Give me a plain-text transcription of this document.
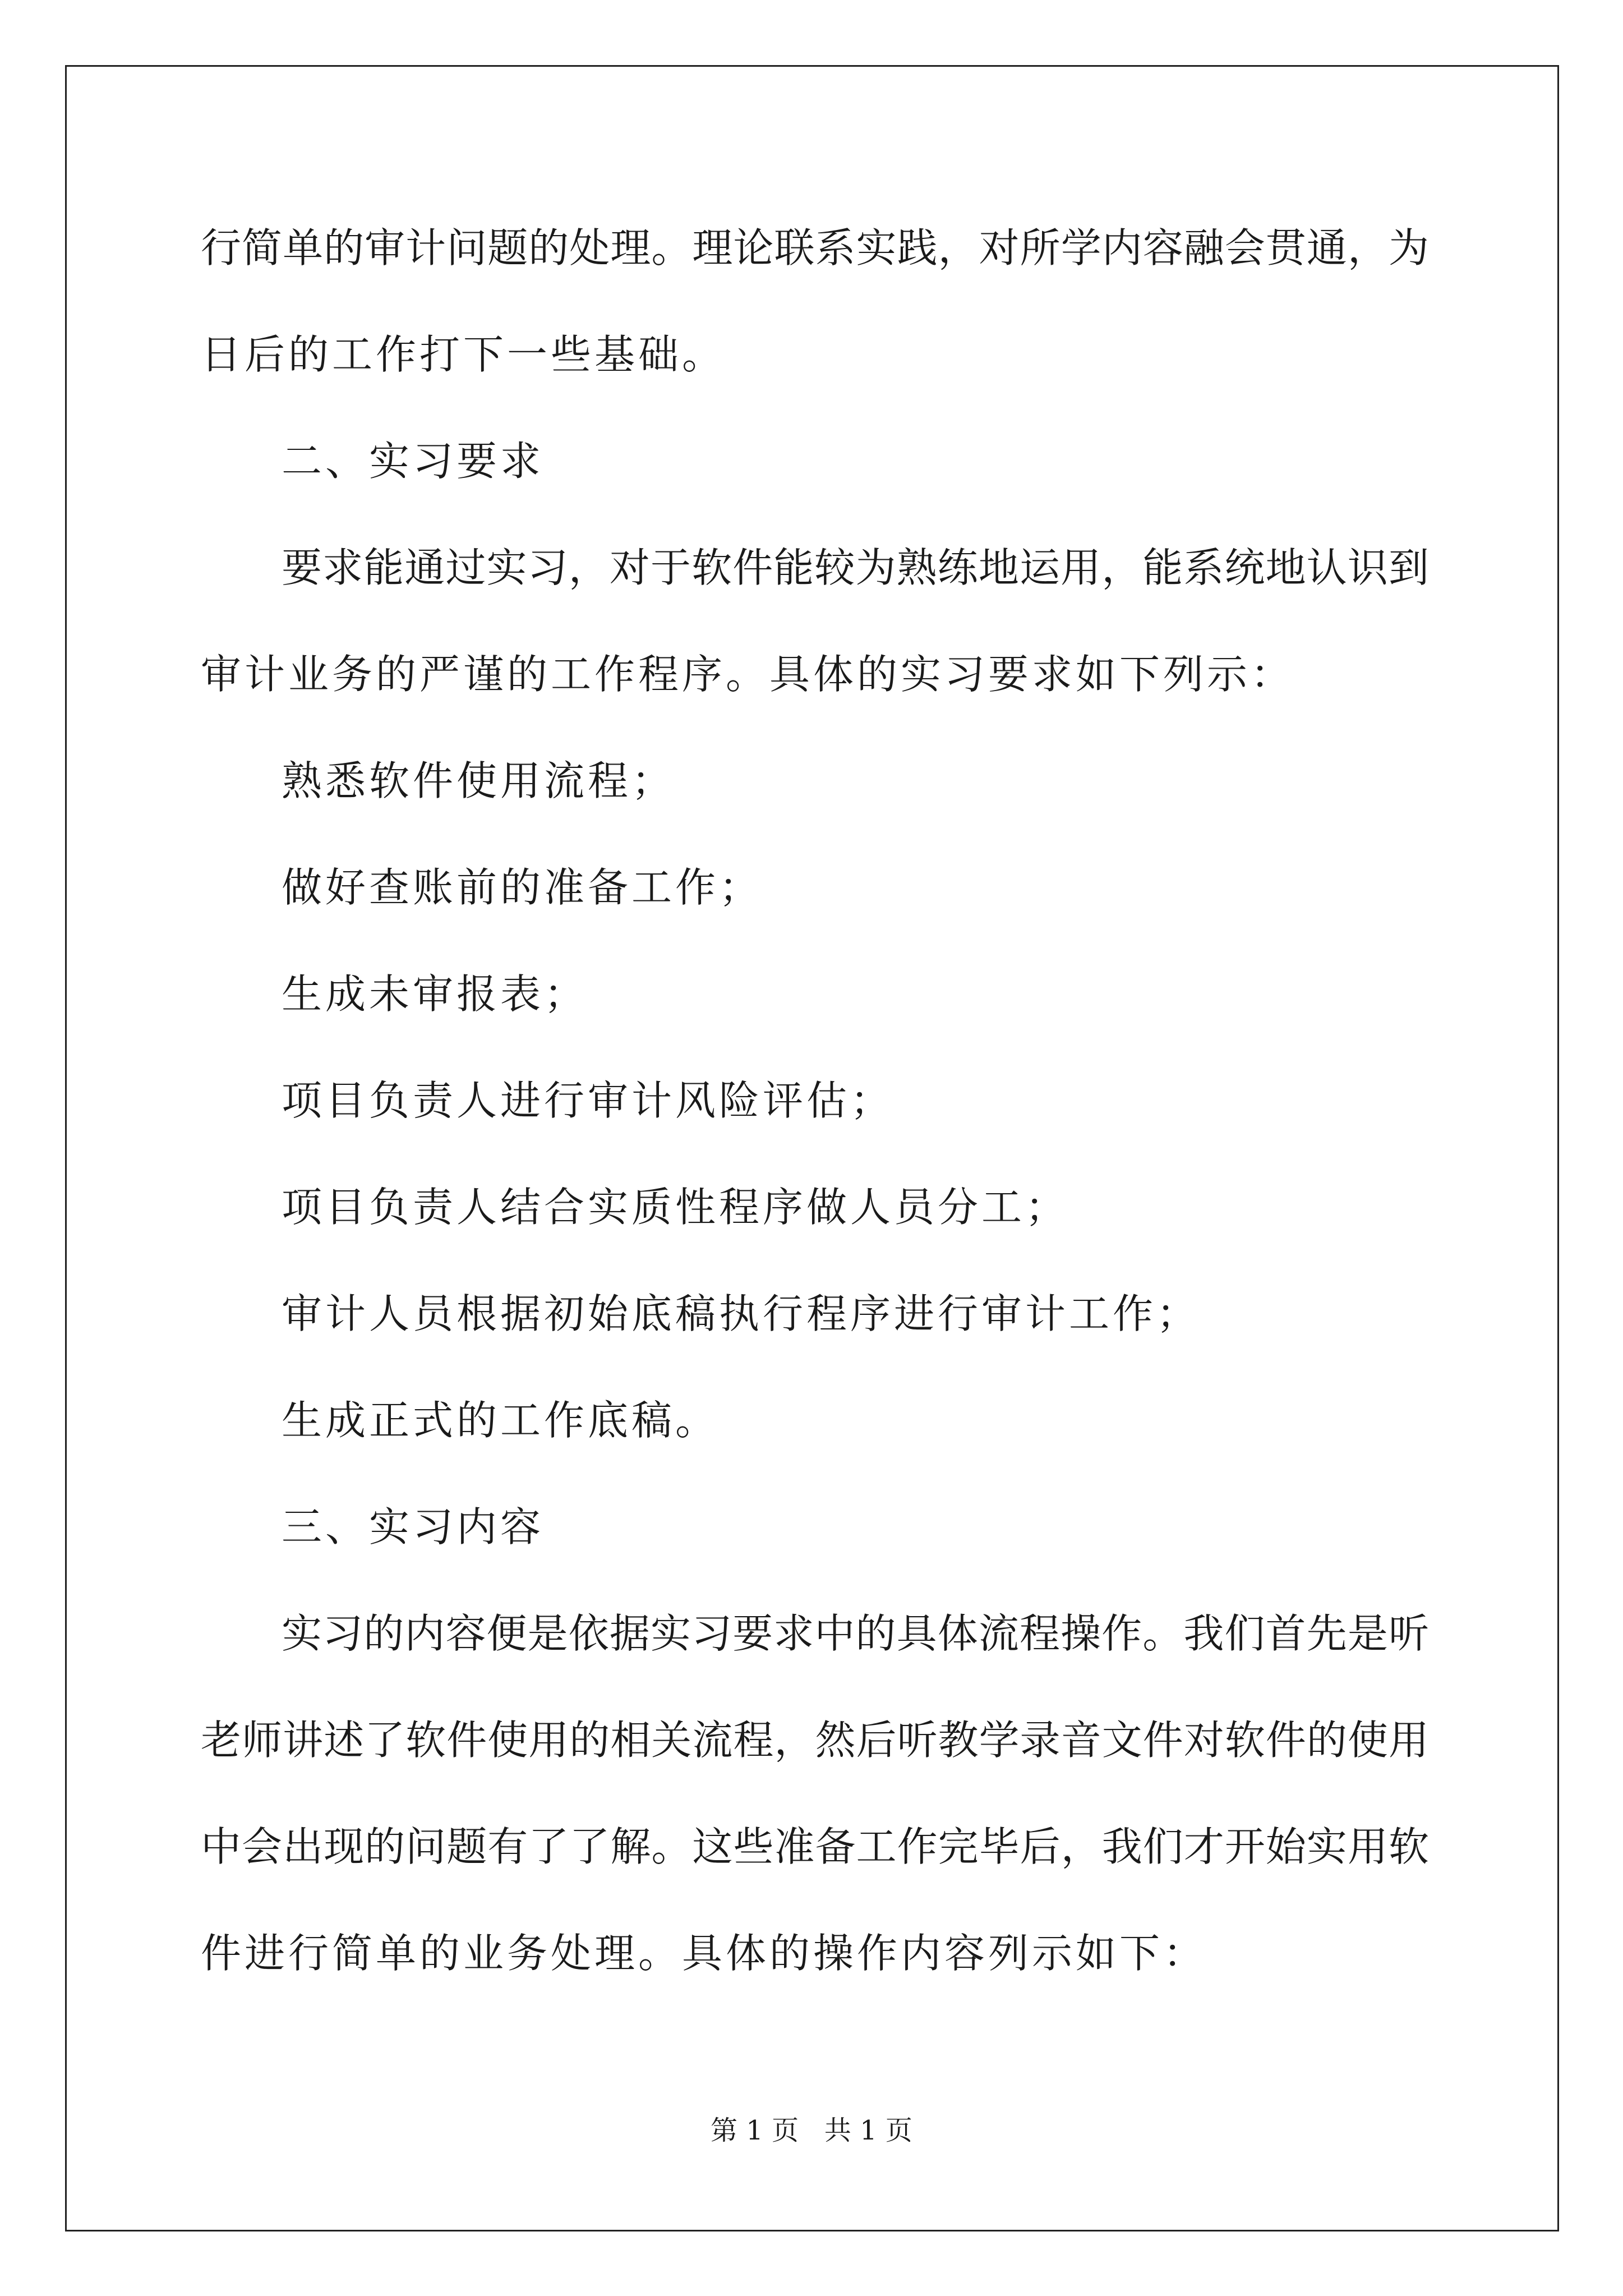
行简单的审计问题的处理。理论联系实践，对所学内容融会贯通，为
日后的工作打下一些基础。
二、实习要求
要求能通过实习，对于软件能较为熟练地运用，能系统地认识到
审计业务的严谨的工作程序。具体的实习要求如下列示：
熟悉软件使用流程；
做好查账前的准备工作；
生成未审报表；
项目负责人进行审计风险评估；
项目负责人结合实质性程序做人员分工；
审计人员根据初始底稿执行程序进行审计工作；
生成正式的工作底稿。
三、实习内容
实习的内容便是依据实习要求中的具体流程操作。我们首先是听
老师讲述了软件使用的相关流程，然后听教学录音文件对软件的使用
中会出现的问题有了了解。这些准备工作完毕后，我们才开始实用软
件进行简单的业务处理。具体的操作内容列示如下：
第 1 页   共 1 页
